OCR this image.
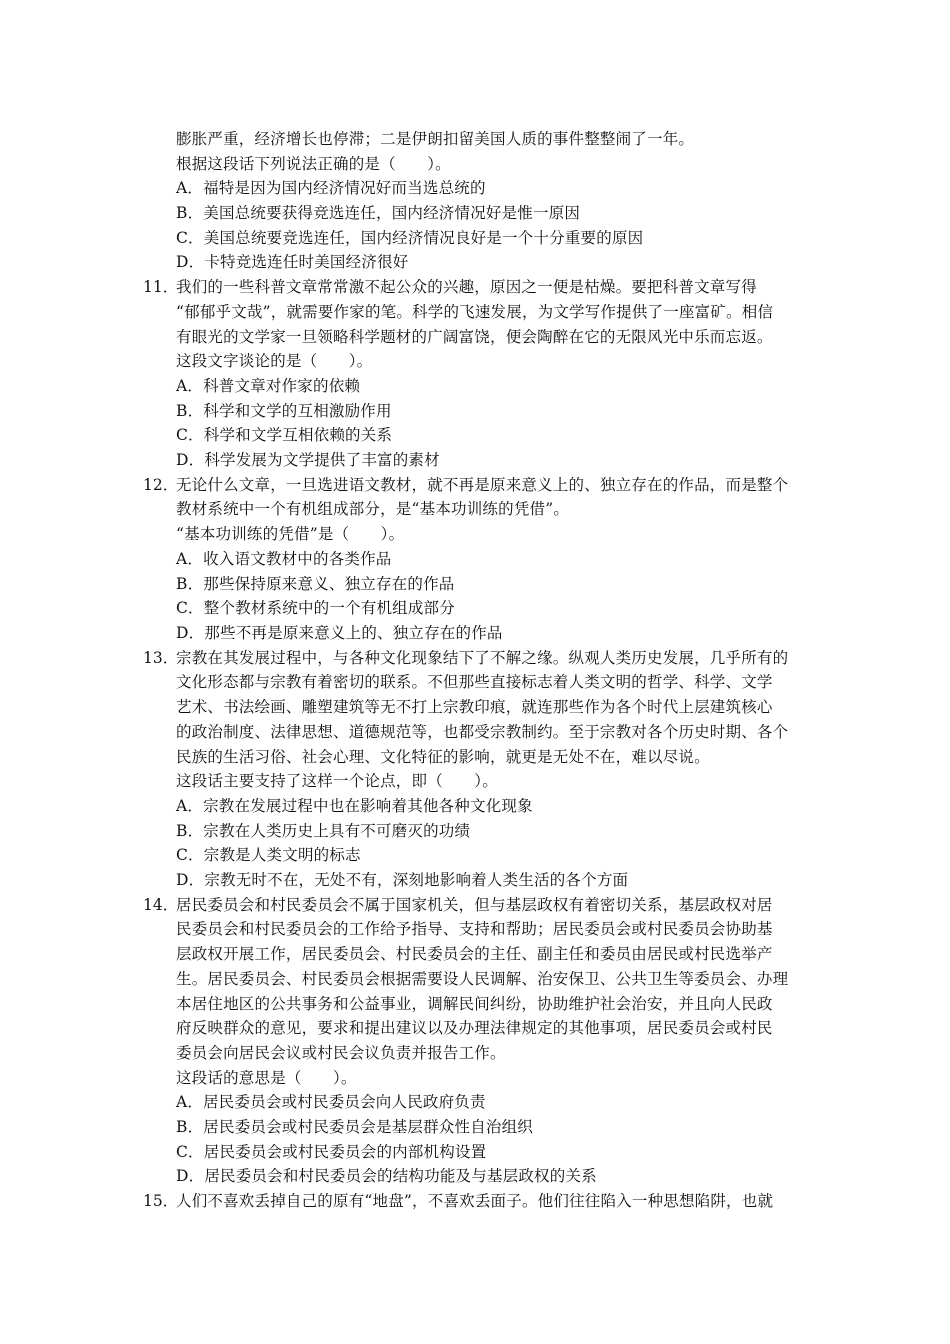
膨胀严重，经济增长也停滞；二是伊朗扣留美国人质的事件整整闹了一年。
根据这段话下列说法正确的是（　　）。
A．福特是因为国内经济情况好而当选总统的
B．美国总统要获得竞选连任，国内经济情况好是惟一原因
C．美国总统要竞选连任，国内经济情况良好是一个十分重要的原因
D．卡特竞选连任时美国经济很好
11．
我们的一些科普文章常常激不起公众的兴趣，原因之一便是枯燥。要把科普文章写得
“郁郁乎文哉”，就需要作家的笔。科学的飞速发展，为文学写作提供了一座富矿。相信
有眼光的文学家一旦领略科学题材的广阔富饶，便会陶醉在它的无限风光中乐而忘返。
这段文字谈论的是（　　）。
A．科普文章对作家的依赖
B．科学和文学的互相激励作用
C．科学和文学互相依赖的关系
D．科学发展为文学提供了丰富的素材
12．
无论什么文章，一旦选进语文教材，就不再是原来意义上的、独立存在的作品，而是整个
教材系统中一个有机组成部分，是“基本功训练的凭借”。
“基本功训练的凭借”是（　　）。
A．收入语文教材中的各类作品
B．那些保持原来意义、独立存在的作品
C．整个教材系统中的一个有机组成部分
D．那些不再是原来意义上的、独立存在的作品
13．
宗教在其发展过程中，与各种文化现象结下了不解之缘。纵观人类历史发展，几乎所有的
文化形态都与宗教有着密切的联系。不但那些直接标志着人类文明的哲学、科学、文学
艺术、书法绘画、雕塑建筑等无不打上宗教印痕，就连那些作为各个时代上层建筑核心
的政治制度、法律思想、道德规范等，也都受宗教制约。至于宗教对各个历史时期、各个
民族的生活习俗、社会心理、文化特征的影响，就更是无处不在，难以尽说。
这段话主要支持了这样一个论点，即（　　）。
A．宗教在发展过程中也在影响着其他各种文化现象
B．宗教在人类历史上具有不可磨灭的功绩
C．宗教是人类文明的标志
D．宗教无时不在，无处不有，深刻地影响着人类生活的各个方面
14．
居民委员会和村民委员会不属于国家机关，但与基层政权有着密切关系，基层政权对居
民委员会和村民委员会的工作给予指导、支持和帮助；居民委员会或村民委员会协助基
层政权开展工作，居民委员会、村民委员会的主任、副主任和委员由居民或村民选举产
生。居民委员会、村民委员会根据需要设人民调解、治安保卫、公共卫生等委员会、办理
本居住地区的公共事务和公益事业，调解民间纠纷，协助维护社会治安，并且向人民政
府反映群众的意见，要求和提出建议以及办理法律规定的其他事项，居民委员会或村民
委员会向居民会议或村民会议负责并报告工作。
这段话的意思是（　　）。
A．居民委员会或村民委员会向人民政府负责
B．居民委员会或村民委员会是基层群众性自治组织
C．居民委员会或村民委员会的内部机构设置
D．居民委员会和村民委员会的结构功能及与基层政权的关系
15．
人们不喜欢丢掉自己的原有“地盘”，不喜欢丢面子。他们往往陷入一种思想陷阱，也就
